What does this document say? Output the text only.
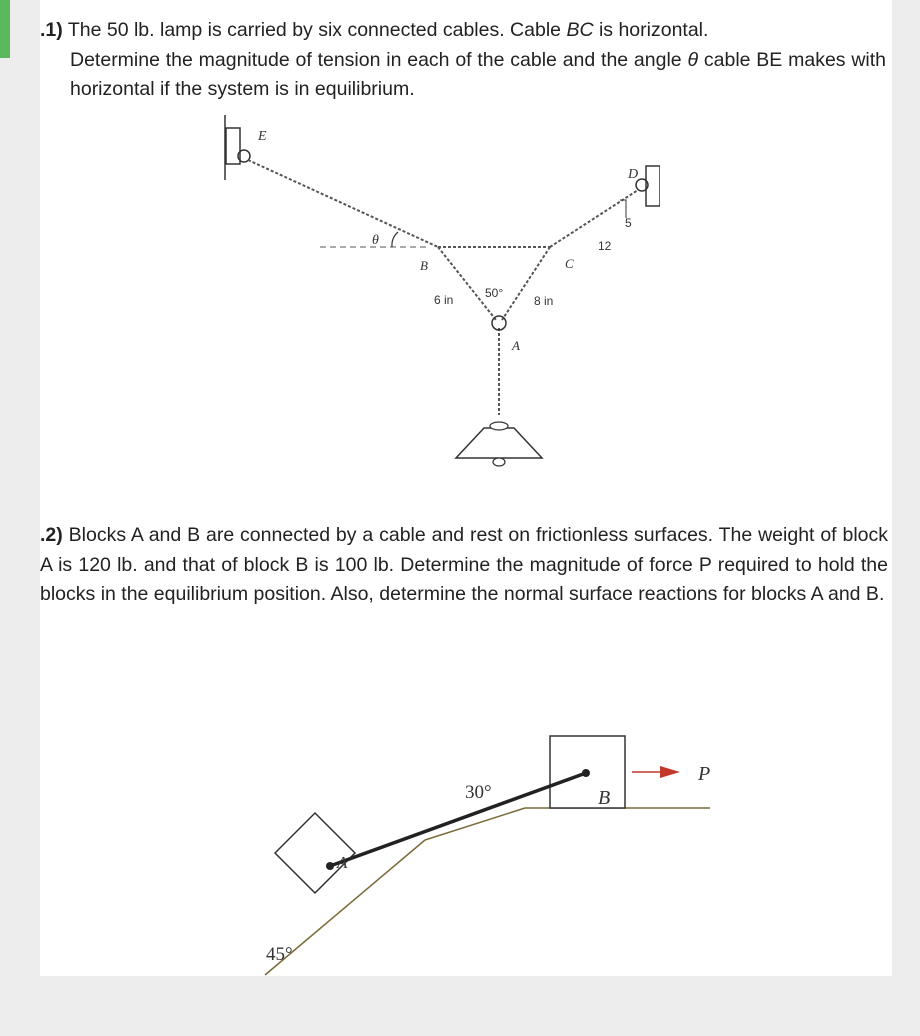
.1) The 50 lb. lamp is carried by six connected cables. Cable BC is horizontal.
Determine the magnitude of tension in each of the cable and the angle θ cable BE makes with horizontal if the system is in equilibrium.
E
D
B	C
A
θ
6 in	8 in
50°
5
12
.2) Blocks A and B are connected by a cable and rest on frictionless surfaces. The weight of block A is 120 lb. and that of block B is 100 lb. Determine the magnitude of force P required to hold the blocks in the equilibrium position. Also, determine the normal surface reactions for blocks A and B.
A
B
P
30°
45°
